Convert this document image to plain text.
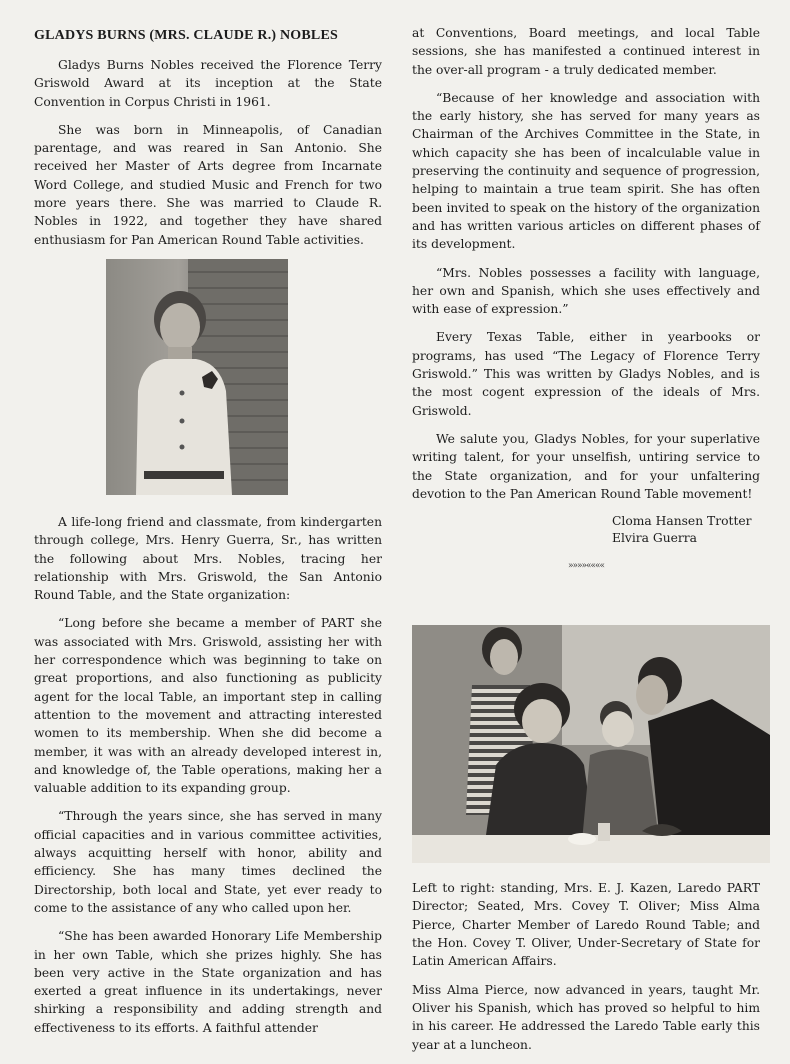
GLADYS BURNS (MRS. CLAUDE R.) NOBLES

Gladys Burns Nobles received the Florence Terry Griswold Award at its inception at the State Convention in Corpus Christi in 1961.

She was born in Minneapolis, of Canadian parentage, and was reared in San Antonio. She received her Master of Arts degree from Incarnate Word College, and studied Music and French for two more years there. She was married to Claude R. Nobles in 1922, and together they have shared enthusiasm for Pan American Round Table activities.

A life-long friend and classmate, from kindergarten through college, Mrs. Henry Guerra, Sr., has written the following about Mrs. Nobles, tracing her relationship with Mrs. Griswold, the San Antonio Round Table, and the State organization:

“Long before she became a member of PART she was associated with Mrs. Griswold, assisting her with her correspondence which was beginning to take on great proportions, and also functioning as publicity agent for the local Table, an important step in calling attention to the movement and attracting interested women to its membership. When she did become a member, it was with an already developed interest in, and knowledge of, the Table operations, making her a valuable addition to its expanding group.

“Through the years since, she has served in many official capacities and in various committee activities, always acquitting herself with honor, ability and efficiency. She has many times declined the Directorship, both local and State, yet ever ready to come to the assistance of any who called upon her.

“She has been awarded Honorary Life Membership in her own Table, which she prizes highly. She has been very active in the State organization and has exerted a great influence in its undertakings, never shirking a responsibility and adding strength and effectiveness to its efforts. A faithful attender

at Conventions, Board meetings, and local Table sessions, she has manifested a continued interest in the over-all program - a truly dedicated member.

“Because of her knowledge and association with the early history, she has served for many years as Chairman of the Archives Committee in the State, in which capacity she has been of incalculable value in preserving the continuity and sequence of progression, helping to maintain a true team spirit. She has often been invited to speak on the history of the organization and has written various articles on different phases of its development.

“Mrs. Nobles possesses a facility with language, her own and Spanish, which she uses effectively and with ease of expression.”

Every Texas Table, either in yearbooks or programs, has used “The Legacy of Florence Terry Griswold.” This was written by Gladys Nobles, and is the most cogent expression of the ideals of Mrs. Griswold.

We salute you, Gladys Nobles, for your superlative writing talent, for your unselfish, untiring service to the State organization, and for your unfaltering devotion to the Pan American Round Table movement!

Cloma Hansen Trotter
Elvira Guerra
»»»»««««

Left to right: standing, Mrs. E. J. Kazen, Laredo PART Director; Seated, Mrs. Covey T. Oliver; Miss Alma Pierce, Charter Member of Laredo Round Table; and the Hon. Covey T. Oliver, Under-Secretary of State for Latin American Affairs.

Miss Alma Pierce, now advanced in years, taught Mr. Oliver his Spanish, which has proved so helpful to him in his career. He addressed the Laredo Table early this year at a luncheon.
